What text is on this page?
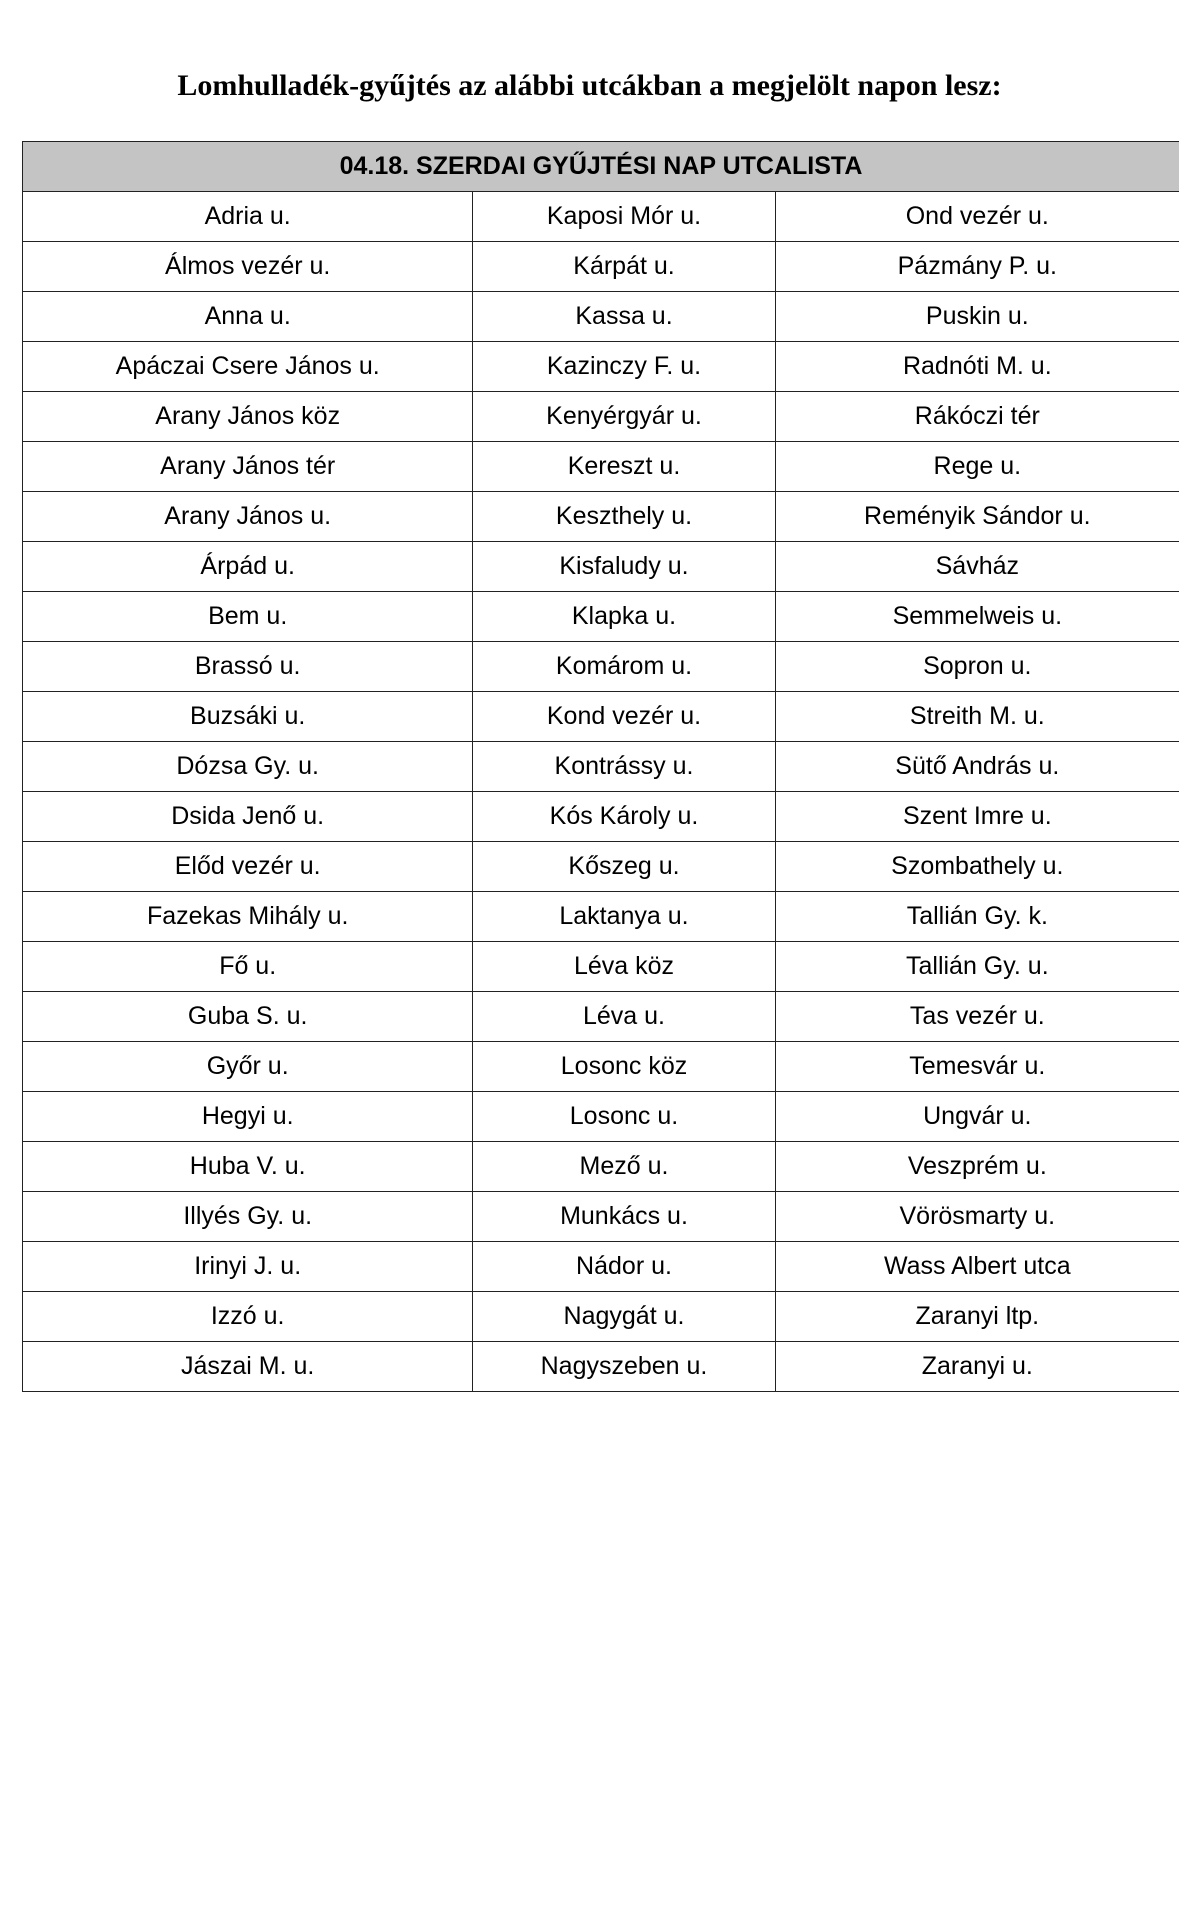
Lomhulladék-gyűjtés az alábbi utcákban a megjelölt napon lesz:
04.18. SZERDAI GYŰJTÉSI NAP UTCALISTA		
Adria u.	Kaposi Mór u.	Ond vezér u.
Álmos vezér u.	Kárpát u.	Pázmány P. u.
Anna u.	Kassa u.	Puskin u.
Apáczai Csere János u.	Kazinczy F. u.	Radnóti M. u.
Arany János köz	Kenyérgyár u.	Rákóczi tér
Arany János tér	Kereszt u.	Rege u.
Arany János u.	Keszthely u.	Reményik Sándor u.
Árpád u.	Kisfaludy u.	Sávház
Bem u.	Klapka u.	Semmelweis u.
Brassó u.	Komárom u.	Sopron u.
Buzsáki u.	Kond vezér u.	Streith M. u.
Dózsa Gy. u.	Kontrássy u.	Sütő András u.
Dsida Jenő u.	Kós Károly u.	Szent Imre u.
Előd vezér u.	Kőszeg u.	Szombathely u.
Fazekas Mihály u.	Laktanya u.	Tallián Gy. k.
Fő u.	Léva köz	Tallián Gy. u.
Guba S. u.	Léva u.	Tas vezér u.
Győr u.	Losonc köz	Temesvár u.
Hegyi u.	Losonc u.	Ungvár u.
Huba V. u.	Mező u.	Veszprém u.
Illyés Gy. u.	Munkács u.	Vörösmarty u.
Irinyi J. u.	Nádor u.	Wass Albert utca
Izzó u.	Nagygát u.	Zaranyi ltp.
Jászai M. u.	Nagyszeben u.	Zaranyi u.
